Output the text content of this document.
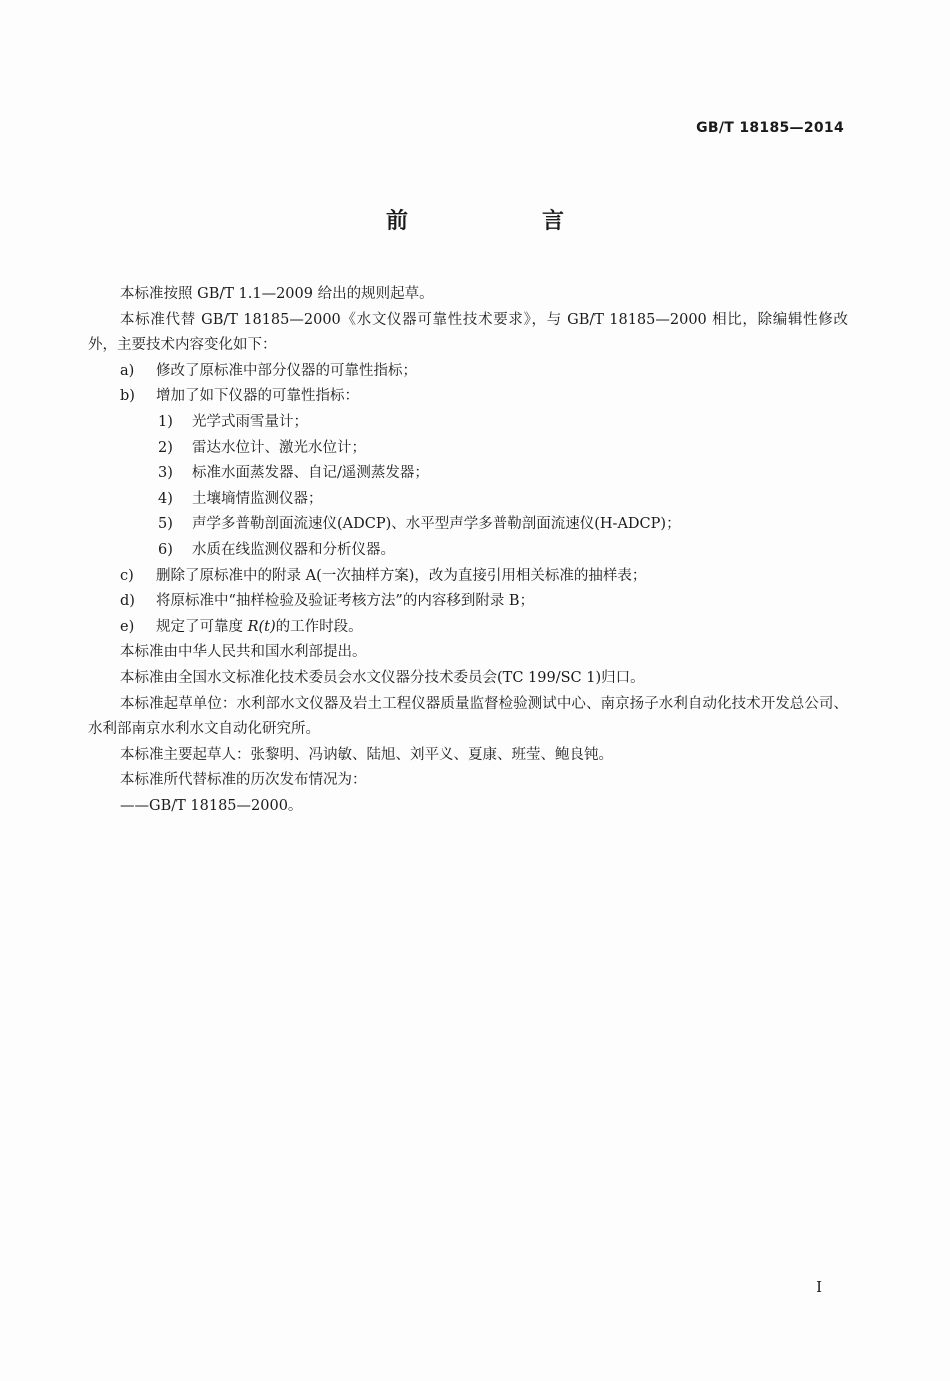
GB/T 18185—2014
前　言

本标准按照 GB/T 1.1—2009 给出的规则起草。

本标准代替 GB/T 18185—2000《水文仪器可靠性技术要求》，与 GB/T 18185—2000 相比，除编辑性修改外，主要技术内容变化如下：

a)	修改了原标准中部分仪器的可靠性指标；
b)	增加了如下仪器的可靠性指标：
1)	光学式雨雪量计；
2)	雷达水位计、激光水位计；
3)	标准水面蒸发器、自记/遥测蒸发器；
4)	土壤墒情监测仪器；
5)	声学多普勒剖面流速仪(ADCP)、水平型声学多普勒剖面流速仪(H-ADCP)；
6)	水质在线监测仪器和分析仪器。
c)	删除了原标准中的附录 A(一次抽样方案)，改为直接引用相关标准的抽样表；
d)	将原标准中“抽样检验及验证考核方法”的内容移到附录 B；
e)	规定了可靠度 R(t)的工作时段。

本标准由中华人民共和国水利部提出。

本标准由全国水文标准化技术委员会水文仪器分技术委员会(TC 199/SC 1)归口。

本标准起草单位：水利部水文仪器及岩土工程仪器质量监督检验测试中心、南京扬子水利自动化技术开发总公司、水利部南京水利水文自动化研究所。

本标准主要起草人：张黎明、冯讷敏、陆旭、刘平义、夏康、班莹、鲍良钝。

本标准所代替标准的历次发布情况为：

——GB/T 18185—2000。

I
